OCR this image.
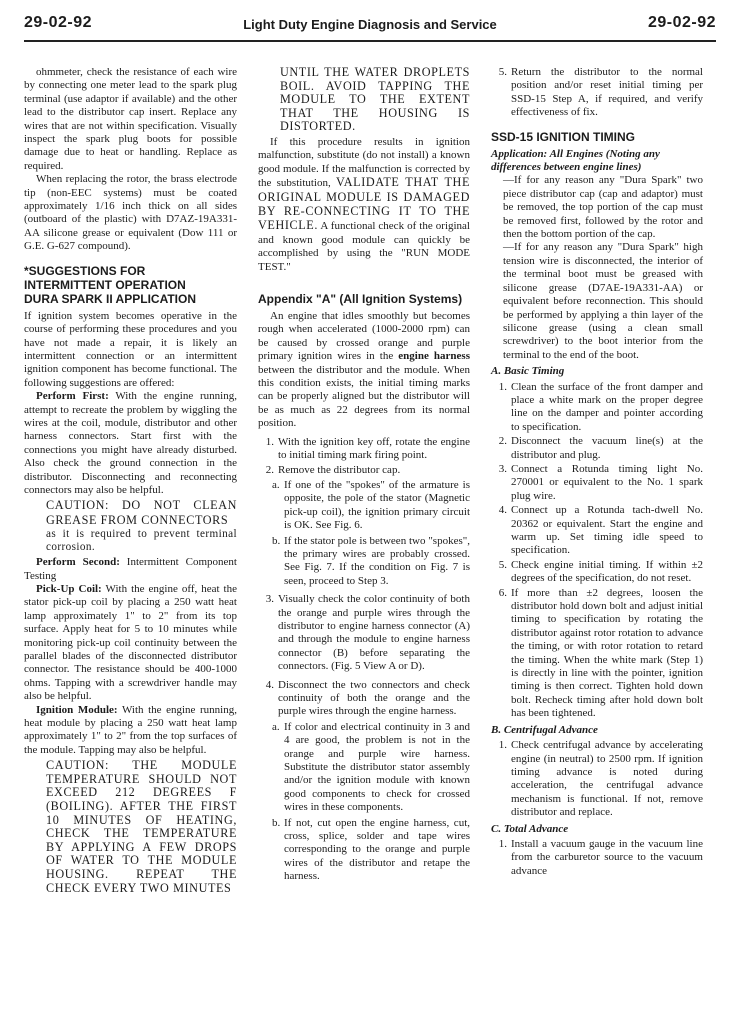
29-02-92	Light Duty Engine Diagnosis and Service	29-02-92

ohmmeter, check the resistance of each wire by connecting one meter lead to the spark plug terminal (use adaptor if available) and the other lead to the distributor cap insert. Replace any wires that are not within specification. Visually inspect the spark plug boots for possible damage due to heat or handling. Replace as required.

When replacing the rotor, the brass electrode tip (non-EEC systems) must be coated approximately 1/16 inch thick on all sides (outboard of the plastic) with D7AZ-19A331-AA silicone grease or equivalent (Dow 111 or G.E. G-627 compound).

*SUGGESTIONS FOR
INTERMITTENT OPERATION
DURA SPARK II APPLICATION

If ignition system becomes operative in the course of performing these procedures and you have not made a repair, it is likely an intermittent connection or an intermittent ignition component has become functional. The following suggestions are offered:

Perform First: With the engine running, attempt to recreate the problem by wiggling the wires at the coil, module, distributor and other harness connectors. Start first with the connections you might have already disturbed. Also check the ground connection in the distributor. Disconnecting and reconnecting connectors may also be helpful.

CAUTION: DO NOT CLEAN GREASE FROM CONNECTORS
as it is required to prevent terminal corrosion.

Perform Second: Intermittent Component Testing

Pick-Up Coil: With the engine off, heat the stator pick-up coil by placing a 250 watt heat lamp approximately 1" to 2" from its top surface. Apply heat for 5 to 10 minutes while monitoring pick-up coil continuity between the parallel blades of the disconnected distributor connector. The resistance should be 400-1000 ohms. Tapping with a screwdriver handle may also be helpful.

Ignition Module: With the engine running, heat module by placing a 250 watt heat lamp approximately 1" to 2" from the top surfaces of the module. Tapping may also be helpful.

CAUTION: THE MODULE TEMPERATURE SHOULD NOT EXCEED 212 DEGREES F (BOILING). AFTER THE FIRST 10 MINUTES OF HEATING, CHECK THE TEMPERATURE BY APPLYING A FEW DROPS OF WATER TO THE MODULE HOUSING. REPEAT THE CHECK EVERY TWO MINUTES

UNTIL THE WATER DROPLETS BOIL. AVOID TAPPING THE MODULE TO THE EXTENT THAT THE HOUSING IS DISTORTED.

If this procedure results in ignition malfunction, substitute (do not install) a known good module. If the malfunction is corrected by the substitution, VALIDATE THAT THE ORIGINAL MODULE IS DAMAGED BY RE-CONNECTING IT TO THE VEHICLE. A functional check of the original and known good module can quickly be accomplished by using the "RUN MODE TEST."

Appendix "A" (All Ignition Systems)

An engine that idles smoothly but becomes rough when accelerated (1000-2000 rpm) can be caused by crossed orange and purple primary ignition wires in the engine harness between the distributor and the module. When this condition exists, the initial timing marks can be properly aligned but the distributor will be as much as 22 degrees from its normal position.

1. With the ignition key off, rotate the engine to initial timing mark firing point.
2. Remove the distributor cap.
a. If one of the "spokes" of the armature is opposite, the pole of the stator (Magnetic pick-up coil), the ignition primary circuit is OK. See Fig. 6.
b. If the stator pole is between two "spokes", the primary wires are probably crossed. See Fig. 7. If the condition on Fig. 7 is seen, proceed to Step 3.
3. Visually check the color continuity of both the orange and purple wires through the distributor to engine harness connector (A) and through the module to engine harness connector (B) before separating the connectors. (Fig. 5 View A or D).
4. Disconnect the two connectors and check continuity of both the orange and the purple wires through the engine harness.
a. If color and electrical continuity in 3 and 4 are good, the problem is not in the orange and purple wire harness. Substitute the distributor stator assembly and/or the ignition module with known good components to check for crossed wires in these components.
b. If not, cut open the engine harness, cut, cross, splice, solder and tape wires corresponding to the orange and purple wires of the distributor and retape the harness.
5. Return the distributor to the normal position and/or reset initial timing per SSD-15 Step A, if required, and verify effectiveness of fix.

SSD-15 IGNITION TIMING

Application: All Engines (Noting any differences between engine lines)

—If for any reason any "Dura Spark" two piece distributor cap (cap and adaptor) must be removed, the top portion of the cap must be removed first, followed by the rotor and then the bottom portion of the cap.

—If for any reason any "Dura Spark" high tension wire is disconnected, the interior of the terminal boot must be greased with silicone grease (D7AE-19A331-AA) or equivalent before reconnection. This should be performed by applying a thin layer of the silicone grease (using a clean small screwdriver) to the boot interior from the terminal to the end of the boot.

A. Basic Timing

1. Clean the surface of the front damper and place a white mark on the proper degree line on the damper and pointer according to specification.
2. Disconnect the vacuum line(s) at the distributor and plug.
3. Connect a Rotunda timing light No. 270001 or equivalent to the No. 1 spark plug wire.
4. Connect up a Rotunda tach-dwell No. 20362 or equivalent. Start the engine and warm up. Set timing idle speed to specification.
5. Check engine initial timing. If within ±2 degrees of the specification, do not reset.
6. If more than ±2 degrees, loosen the distributor hold down bolt and adjust initial timing to specification by rotating the distributor against rotor rotation to advance the timing, or with rotor rotation to retard the timing. When the white mark (Step 1) is directly in line with the pointer, ignition timing is then correct. Tighten hold down bolt. Recheck timing after hold down bolt has been tightened.

B. Centrifugal Advance

1. Check centrifugal advance by accelerating engine (in neutral) to 2500 rpm. If ignition timing advance is noted during acceleration, the centrifugal advance mechanism is functional. If not, remove distributor and replace.

C. Total Advance

1. Install a vacuum gauge in the vacuum line from the carburetor source to the vacuum advance
